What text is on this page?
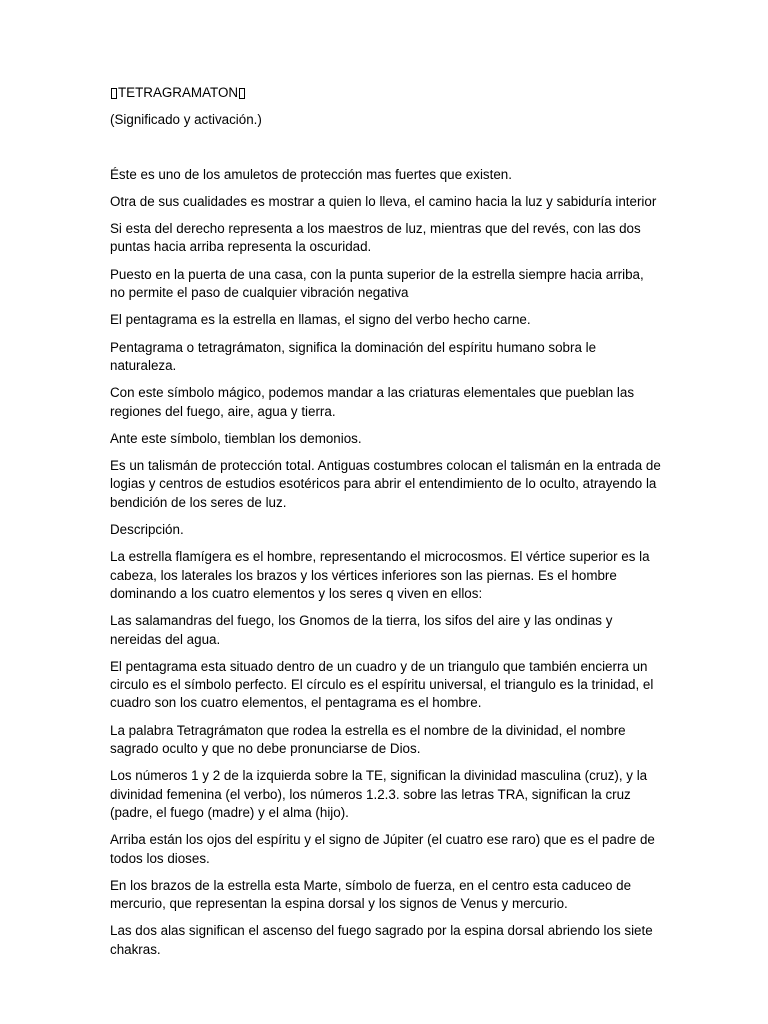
TETRAGRAMATON

(Significado y activación.)

Éste es uno de los amuletos de protección mas fuertes que existen.

Otra de sus cualidades es mostrar a quien lo lleva, el camino hacia la luz y sabiduría interior

Si esta del derecho representa a los maestros de luz, mientras que del revés, con las dos puntas hacia arriba representa la oscuridad.

Puesto en la puerta de una casa, con la punta superior de la estrella siempre hacia arriba, no permite el paso de cualquier vibración negativa

El pentagrama es la estrella en llamas, el signo del verbo hecho carne.

Pentagrama o tetragrámaton, significa la dominación del espíritu humano sobra le naturaleza.

Con este símbolo mágico, podemos mandar a las criaturas elementales que pueblan las regiones del fuego, aire, agua y tierra.

Ante este símbolo, tiemblan los demonios.

Es un talismán de protección total. Antiguas costumbres colocan el talismán en la entrada de logias y centros de estudios esotéricos para abrir el entendimiento de lo oculto, atrayendo la bendición de los seres de luz.

Descripción.

La estrella flamígera es el hombre, representando el microcosmos. El vértice superior es la cabeza, los laterales los brazos y los vértices inferiores son las piernas. Es el hombre dominando a los cuatro elementos y los seres q viven en ellos:

Las salamandras del fuego, los Gnomos de la tierra, los sifos del aire y las ondinas y nereidas del agua.

El pentagrama esta situado dentro de un cuadro y de un triangulo que también encierra un circulo es el símbolo perfecto. El círculo es el espíritu universal, el triangulo es la trinidad, el cuadro son los cuatro elementos, el pentagrama es el hombre.

La palabra Tetragrámaton que rodea la estrella es el nombre de la divinidad, el nombre sagrado oculto y que no debe pronunciarse de Dios.

Los números 1 y 2 de la izquierda sobre la TE, significan la divinidad masculina (cruz), y la divinidad femenina (el verbo), los números 1.2.3. sobre las letras TRA, significan la cruz (padre, el fuego (madre) y el alma (hijo).

Arriba están los ojos del espíritu y el signo de Júpiter (el cuatro ese raro) que es el padre de todos los dioses.

En los brazos de la estrella esta Marte, símbolo de fuerza, en el centro esta caduceo de mercurio, que representan la espina dorsal y los signos de Venus y mercurio.

Las dos alas significan el ascenso del fuego sagrado por la espina dorsal abriendo los siete chakras.
